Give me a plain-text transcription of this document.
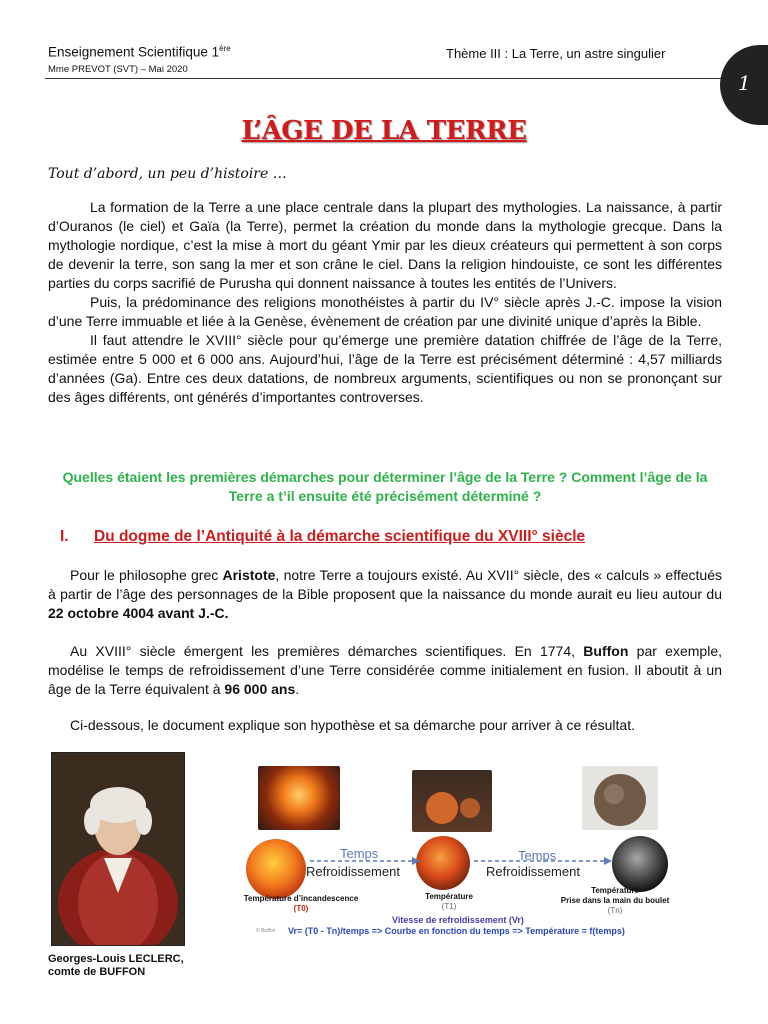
Enseignement Scientifique 1ère
Mme PREVOT (SVT) – Mai 2020
Thème III : La Terre, un astre singulier
1
L’ÂGE DE LA TERRE
Tout d’abord, un peu d’histoire …

La formation de la Terre a une place centrale dans la plupart des mythologies. La naissance, à partir d’Ouranos (le ciel) et Gaïa (la Terre), permet la création du monde dans la mythologie grecque. Dans la mythologie nordique, c’est la mise à mort du géant Ymir par les dieux créateurs qui permettent à son corps de devenir la terre, son sang la mer et son crâne le ciel. Dans la religion hindouiste, ce sont les différentes parties du corps sacrifié de Purusha qui donnent naissance à toutes les entités de l’Univers.

Puis, la prédominance des religions monothéistes à partir du IV° siècle après J.-C. impose la vision d’une Terre immuable et liée à la Genèse, évènement de création par une divinité unique d’après la Bible.

Il faut attendre le XVIII° siècle pour qu’émerge une première datation chiffrée de l’âge de la Terre, estimée entre 5 000 et 6 000 ans. Aujourd’hui, l’âge de la Terre est précisément déterminé : 4,57 milliards d’années (Ga). Entre ces deux datations, de nombreux arguments, scientifiques ou non se prononçant sur des âges différents, ont générés d’importantes controverses.

Quelles étaient les premières démarches pour déterminer l’âge de la Terre ? Comment l’âge de la Terre a t’il ensuite été précisément déterminé ?
I. Du dogme de l’Antiquité à la démarche scientifique du XVIII° siècle

Pour le philosophe grec Aristote, notre Terre a toujours existé. Au XVII° siècle, des « calculs » effectués à partir de l’âge des personnages de la Bible proposent que la naissance du monde aurait eu lieu autour du 22 octobre 4004 avant J.-C.

Au XVIII° siècle émergent les premières démarches scientifiques. En 1774, Buffon par exemple, modélise le temps de refroidissement d’une Terre considérée comme initialement en fusion. Il aboutit à un âge de la Terre équivalent à 96 000 ans.

Ci-dessous, le document explique son hypothèse et sa démarche pour arriver à ce résultat.

Georges-Louis LECLERC,
comte de BUFFON
Temps
Refroidissement
Temps
Refroidissement
Température d’incandescence
(T0)
Température
(T1)
Température
Prise dans la main du boulet
(Tn)
Vitesse de refroidissement (Vr)
© Buffon Vr= (T0 - Tn)/temps => Courbe en fonction du temps => Température = f(temps)
